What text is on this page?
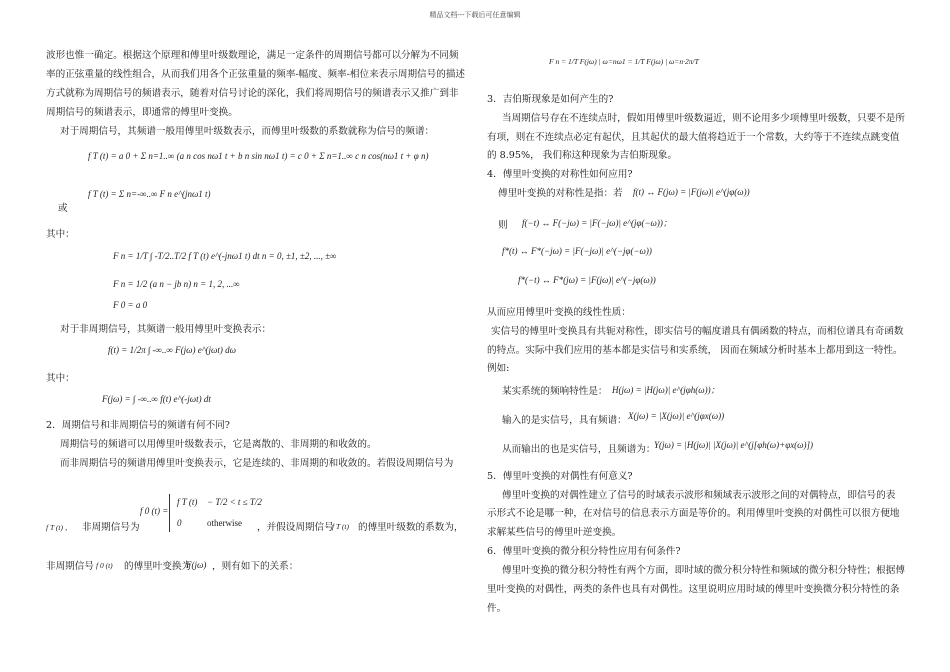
精品文档---下载后可任意编辑
波形也惟一确定。根据这个原理和傅里叶级数理论，满足一定条件的周期信号都可以分解为不同频
率的正弦重量的线性组合，从而我们用各个正弦重量的频率-幅度、频率-相位来表示周期信号的描述
方式就称为周期信号的频谱表示，随着对信号讨论的深化，我们将周期信号的频谱表示又推广到非
周期信号的频谱表示，即通常的傅里叶变换。
对于周期信号，其频谱一般用傅里叶级数表示，而傅里叶级数的系数就称为信号的频谱：
f T (t) = a 0 + Σ n=1..∞ (a n cos nω1 t + b n sin nω1 t) = c 0 + Σ n=1..∞ c n cos(nω1 t + φ n)
f T (t) = Σ n=-∞..∞ F n e^(jnω1 t)
或
其中：
F n = 1/T ∫ -T/2..T/2 f T (t) e^(-jnω1 t) dt n = 0, ±1, ±2, ..., ±∞
F n = 1/2 (a n − jb n) n = 1, 2, ...∞
F 0 = a 0
对于非周期信号，其频谱一般用傅里叶变换表示：
f(t) = 1/2π ∫ -∞..∞ F(jω) e^(jωt) dω
其中：
F(jω) = ∫ -∞..∞ f(t) e^(-jωt) dt
2．周期信号和非周期信号的频谱有何不同?
周期信号的频谱可以用傅里叶级数表示，它是离散的、非周期的和收敛的。
而非周期信号的频谱用傅里叶变换表示，它是连续的、非周期的和收敛的。若假设周期信号为
f 0 (t) =
f T (t) − T/2 < t ≤ T/2
0	otherwise
f T (t) ， 非周期信号为	，并假设周期信号
f T (t) 的傅里叶级数的系数为，
非周期信号 f 0 (t) 的傅里叶变换为
F(jω) ，则有如下的关系：
F n = 1/T F(jω) | ω=nω1 = 1/T F(jω) | ω=n·2π/T
3．吉伯斯现象是如何产生的?
当周期信号存在不连续点时，假如用傅里叶级数逼近，则不论用多少项傅里叶级数，只要不是所
有项，则在不连续点必定有起伏，且其起伏的最大值将趋近于一个常数，大约等于不连续点跳变值
的 8.95%， 我们称这种现象为吉伯斯现象。
4．傅里叶变换的对称性如何应用?
傅里叶变换的对称性是指：若 f(t) ↔ F(jω) = |F(jω)| e^(jφ(ω))
则 f(−t) ↔ F(−jω) = |F(−jω)| e^(jφ(−ω))；
f*(t) ↔ F*(−jω) = |F(−jω)| e^(−jφ(−ω))
f*(−t) ↔ F*(jω) = |F(jω)| e^(−jφ(ω))
从而应用傅里叶变换的线性性质：
实信号的傅里叶变换具有共轭对称性，即实信号的幅度谱具有偶函数的特点，而相位谱具有奇函数
的特点。实际中我们应用的基本都是实信号和实系统， 因而在频域分析时基本上都用到这一特性。
例如:
某实系统的频响特性是： H(jω) = |H(jω)| e^(jφh(ω))；
输入的是实信号，具有频谱： X(jω) = |X(jω)| e^(jφx(ω))
从而输出的也是实信号，且频谱为：
Y(jω) = |H(jω)| |X(jω)| e^(j[φh(ω)+φx(ω)])
5．傅里叶变换的对偶性有何意义?
傅里叶变换的对偶性建立了信号的时域表示波形和频域表示波形之间的对偶特点，即信号的表
示形式不论是哪一种，在对信号的信息表示方面是等价的。利用傅里叶变换的对偶性可以很方便地
求解某些信号的傅里叶逆变换。
6．傅里叶变换的微分积分特性应用有何条件?
傅里叶变换的微分积分特性有两个方面，即时域的微分积分特性和频域的微分积分特性；根据傅
里叶变换的对偶性，两类的条件也具有对偶性。这里说明应用时域的傅里叶变换微分积分特性的条
件。
